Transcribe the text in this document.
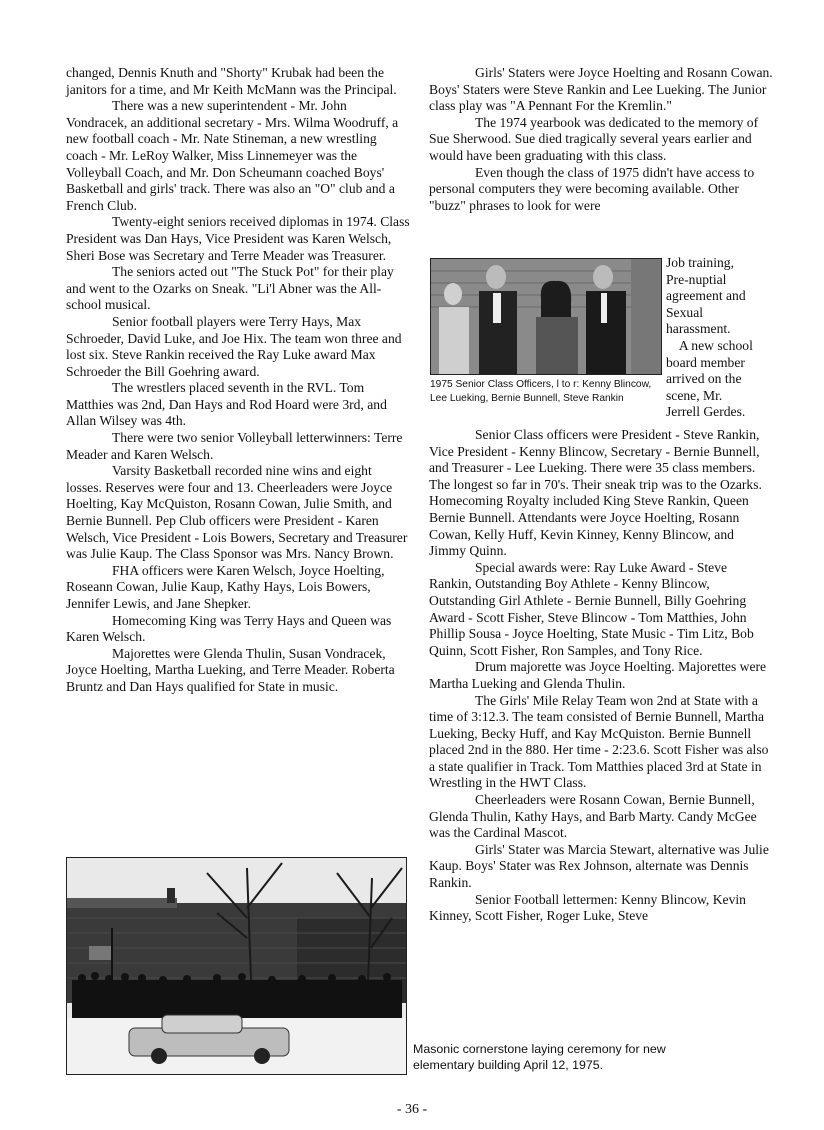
changed, Dennis Knuth and "Shorty" Krubak had been the janitors for a time, and Mr Keith McMann was the Principal.

There was a new superintendent - Mr. John Vondracek, an additional secretary - Mrs. Wilma Woodruff, a new football coach - Mr. Nate Stineman, a new wrestling coach - Mr. LeRoy Walker, Miss Linnemeyer was the Volleyball Coach, and Mr. Don Scheumann coached Boys' Basketball and girls' track. There was also an "O" club and a French Club.

Twenty-eight seniors received diplomas in 1974. Class President was Dan Hays, Vice President was Karen Welsch, Sheri Bose was Secretary and Terre Meader was Treasurer.

The seniors acted out "The Stuck Pot" for their play and went to the Ozarks on Sneak. "Li'l Abner was the All-school musical.

Senior football players were Terry Hays, Max Schroeder, David Luke, and Joe Hix. The team won three and lost six. Steve Rankin received the Ray Luke award Max Schroeder the Bill Goehring award.

The wrestlers placed seventh in the RVL. Tom Matthies was 2nd, Dan Hays and Rod Hoard were 3rd, and Allan Wilsey was 4th.

There were two senior Volleyball letterwinners: Terre Meader and Karen Welsch.

Varsity Basketball recorded nine wins and eight losses. Reserves were four and 13. Cheerleaders were Joyce Hoelting, Kay McQuiston, Rosann Cowan, Julie Smith, and Bernie Bunnell. Pep Club officers were President - Karen Welsch, Vice President - Lois Bowers, Secretary and Treasurer was Julie Kaup. The Class Sponsor was Mrs. Nancy Brown.

FHA officers were Karen Welsch, Joyce Hoelting, Roseann Cowan, Julie Kaup, Kathy Hays, Lois Bowers, Jennifer Lewis, and Jane Shepker.

Homecoming King was Terry Hays and Queen was Karen Welsch.

Majorettes were Glenda Thulin, Susan Vondracek, Joyce Hoelting, Martha Lueking, and Terre Meader. Roberta Bruntz and Dan Hays qualified for State in music.

Masonic cornerstone laying ceremony for new elementary building April 12, 1975.

Girls' Staters were Joyce Hoelting and Rosann Cowan. Boys' Staters were Steve Rankin and Lee Lueking. The Junior class play was "A Pennant For the Kremlin."

The 1974 yearbook was dedicated to the memory of Sue Sherwood. Sue died tragically several years earlier and would have been graduating with this class.

Even though the class of 1975 didn't have access to personal computers they were becoming available. Other "buzz" phrases to look for were

1975 Senior Class Officers, l to r: Kenny Blincow, Lee Lueking, Bernie Bunnell, Steve Rankin
Job training,
Pre-nuptial
agreement and
Sexual
harassment.
A new school
board member
arrived on the
scene, Mr.
Jerrell Gerdes.

Senior Class officers were President - Steve Rankin, Vice President - Kenny Blincow, Secretary - Bernie Bunnell, and Treasurer - Lee Lueking. There were 35 class members. The longest so far in 70's. Their sneak trip was to the Ozarks. Homecoming Royalty included King Steve Rankin, Queen Bernie Bunnell. Attendants were Joyce Hoelting, Rosann Cowan, Kelly Huff, Kevin Kinney, Kenny Blincow, and Jimmy Quinn.

Special awards were: Ray Luke Award - Steve Rankin, Outstanding Boy Athlete - Kenny Blincow, Outstanding Girl Athlete - Bernie Bunnell, Billy Goehring Award - Scott Fisher, Steve Blincow - Tom Matthies, John Phillip Sousa - Joyce Hoelting, State Music - Tim Litz, Bob Quinn, Scott Fisher, Ron Samples, and Tony Rice.

Drum majorette was Joyce Hoelting. Majorettes were Martha Lueking and Glenda Thulin.

The Girls' Mile Relay Team won 2nd at State with a time of 3:12.3. The team consisted of Bernie Bunnell, Martha Lueking, Becky Huff, and Kay McQuiston. Bernie Bunnell placed 2nd in the 880. Her time - 2:23.6. Scott Fisher was also a state qualifier in Track. Tom Matthies placed 3rd at State in Wrestling in the HWT Class.

Cheerleaders were Rosann Cowan, Bernie Bunnell, Glenda Thulin, Kathy Hays, and Barb Marty. Candy McGee was the Cardinal Mascot.

Girls' Stater was Marcia Stewart, alternative was Julie Kaup. Boys' Stater was Rex Johnson, alternate was Dennis Rankin.

Senior Football lettermen: Kenny Blincow, Kevin Kinney, Scott Fisher, Roger Luke, Steve

- 36 -
